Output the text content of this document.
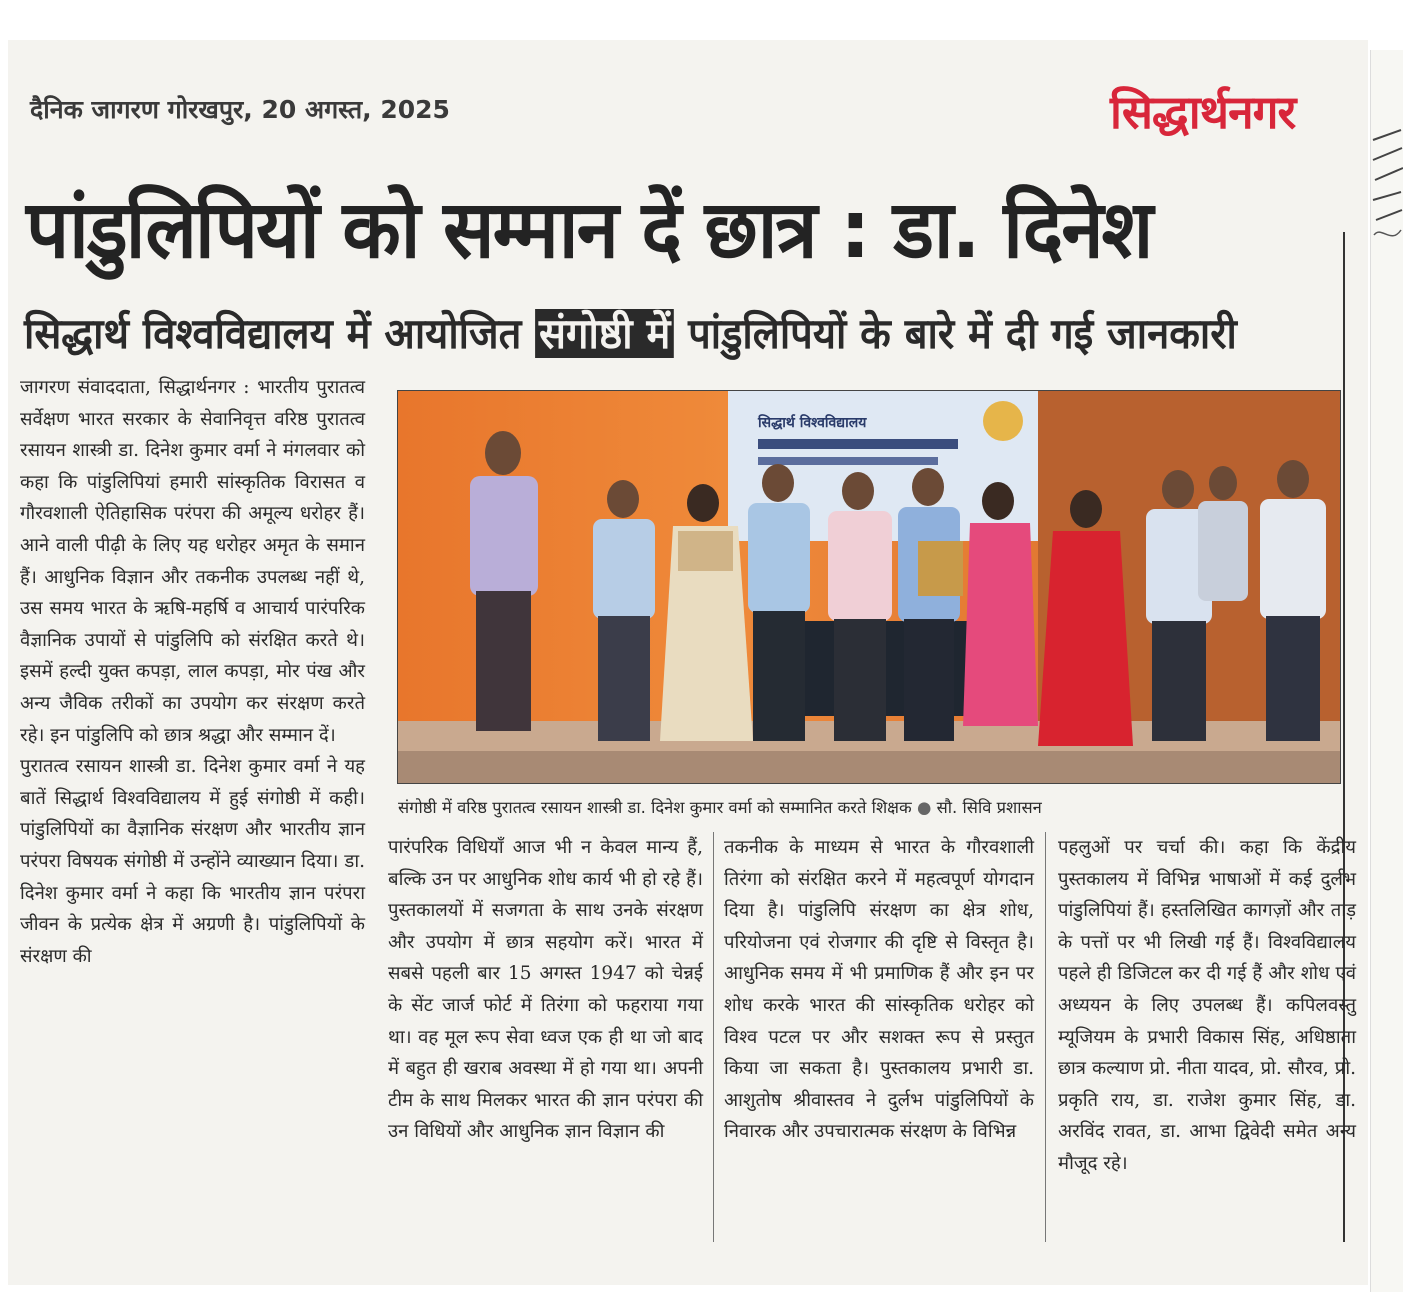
दैनिक जागरण गोरखपुर, 20 अगस्त, 2025	सिद्धार्थनगर
पांडुलिपियों को सम्मान दें छात्र : डा. दिनेश
सिद्धार्थ विश्वविद्यालय में आयोजित संगोष्ठी में पांडुलिपियों के बारे में दी गई जानकारी

जागरण संवाददाता, सिद्धार्थनगर : भारतीय पुरातत्व सर्वेक्षण भारत सरकार के सेवानिवृत्त वरिष्ठ पुरातत्व रसायन शास्त्री डा. दिनेश कुमार वर्मा ने मंगलवार को कहा कि पांडुलिपियां हमारी सांस्कृतिक विरासत व गौरवशाली ऐतिहासिक परंपरा की अमूल्य धरोहर हैं। आने वाली पीढ़ी के लिए यह धरोहर अमृत के समान हैं। आधुनिक विज्ञान और तकनीक उपलब्ध नहीं थे, उस समय भारत के ऋषि-महर्षि व आचार्य पारंपरिक वैज्ञानिक उपायों से पांडुलिपि को संरक्षित करते थे। इसमें हल्दी युक्त कपड़ा, लाल कपड़ा, मोर पंख और अन्य जैविक तरीकों का उपयोग कर संरक्षण करते रहे। इन पांडुलिपि को छात्र श्रद्धा और सम्मान दें।

पुरातत्व रसायन शास्त्री डा. दिनेश कुमार वर्मा ने यह बातें सिद्धार्थ विश्वविद्यालय में हुई संगोष्ठी में कही। पांडुलिपियों का वैज्ञानिक संरक्षण और भारतीय ज्ञान परंपरा विषयक संगोष्ठी में उन्होंने व्याख्यान दिया। डा. दिनेश कुमार वर्मा ने कहा कि भारतीय ज्ञान परंपरा जीवन के प्रत्येक क्षेत्र में अग्रणी है। पांडुलिपियों के संरक्षण की

सिद्धार्थ विश्वविद्यालय
संगोष्ठी में वरिष्ठ पुरातत्व रसायन शास्त्री डा. दिनेश कुमार वर्मा को सम्मानित करते शिक्षक ● सौ. सिवि प्रशासन

पारंपरिक विधियाँ आज भी न केवल मान्य हैं, बल्कि उन पर आधुनिक शोध कार्य भी हो रहे हैं। पुस्तकालयों में सजगता के साथ उनके संरक्षण और उपयोग में छात्र सहयोग करें। भारत में सबसे पहली बार 15 अगस्त 1947 को चेन्नई के सेंट जार्ज फोर्ट में तिरंगा को फहराया गया था। वह मूल रूप सेवा ध्वज एक ही था जो बाद में बहुत ही खराब अवस्था में हो गया था। अपनी टीम के साथ मिलकर भारत की ज्ञान परंपरा की उन विधियों और आधुनिक ज्ञान विज्ञान की

तकनीक के माध्यम से भारत के गौरवशाली तिरंगा को संरक्षित करने में महत्वपूर्ण योगदान दिया है। पांडुलिपि संरक्षण का क्षेत्र शोध, परियोजना एवं रोजगार की दृष्टि से विस्तृत है। आधुनिक समय में भी प्रमाणिक हैं और इन पर शोध करके भारत की सांस्कृतिक धरोहर को विश्व पटल पर और सशक्त रूप से प्रस्तुत किया जा सकता है। पुस्तकालय प्रभारी डा. आशुतोष श्रीवास्तव ने दुर्लभ पांडुलिपियों के निवारक और उपचारात्मक संरक्षण के विभिन्न

पहलुओं पर चर्चा की। कहा कि केंद्रीय पुस्तकालय में विभिन्न भाषाओं में कई दुर्लभ पांडुलिपियां हैं। हस्तलिखित कागज़ों और ताड़ के पत्तों पर भी लिखी गई हैं। विश्वविद्यालय पहले ही डिजिटल कर दी गई हैं और शोध एवं अध्ययन के लिए उपलब्ध हैं। कपिलवस्तु म्यूजियम के प्रभारी विकास सिंह, अधिष्ठाता छात्र कल्याण प्रो. नीता यादव, प्रो. सौरव, प्रो. प्रकृति राय, डा. राजेश कुमार सिंह, डा. अरविंद रावत, डा. आभा द्विवेदी समेत अन्य मौजूद रहे।
